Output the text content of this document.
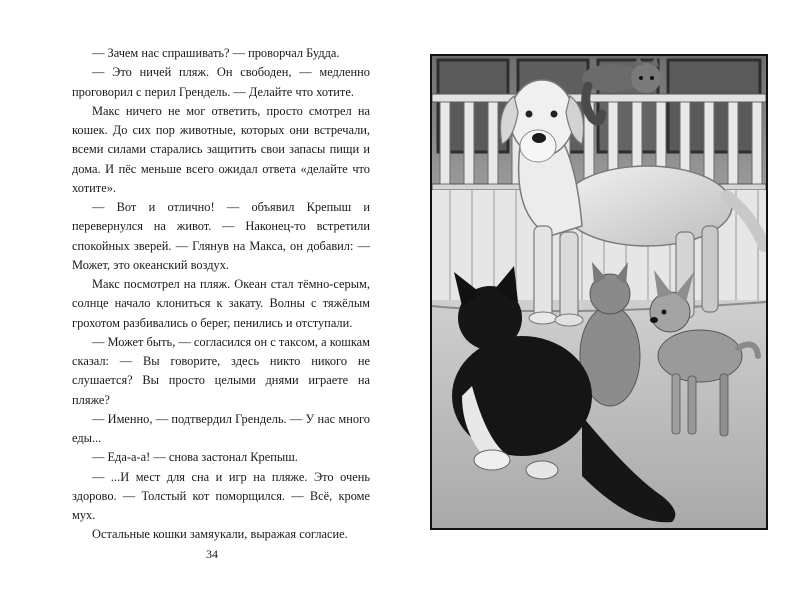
— Зачем нас спрашивать? — проворчал Будда.

— Это ничей пляж. Он свободен, — медленно проговорил с перил Грендель. — Делайте что хотите.

Макс ничего не мог ответить, просто смотрел на кошек. До сих пор животные, которых они встречали, всеми силами старались защитить свои запасы пищи и дома. И пёс меньше всего ожидал ответа «делайте что хотите».

— Вот и отлично! — объявил Крепыш и перевернулся на живот. — Наконец-то встретили спокойных зверей. — Глянув на Макса, он добавил: — Может, это океанский воздух.

Макс посмотрел на пляж. Океан стал тёмно-серым, солнце начало клониться к закату. Волны с тяжёлым грохотом разбивались о берег, пенились и отступали.

— Может быть, — согласился он с таксом, а кошкам сказал: — Вы говорите, здесь никто никого не слушается? Вы просто целыми днями играете на пляже?

— Именно, — подтвердил Грендель. — У нас много еды...

— Еда-а-а! — снова застонал Крепыш.

— ...И мест для сна и игр на пляже. Это очень здорово. — Толстый кот поморщился. — Всё, кроме мух.

Остальные кошки замяукали, выражая согласие.

34
